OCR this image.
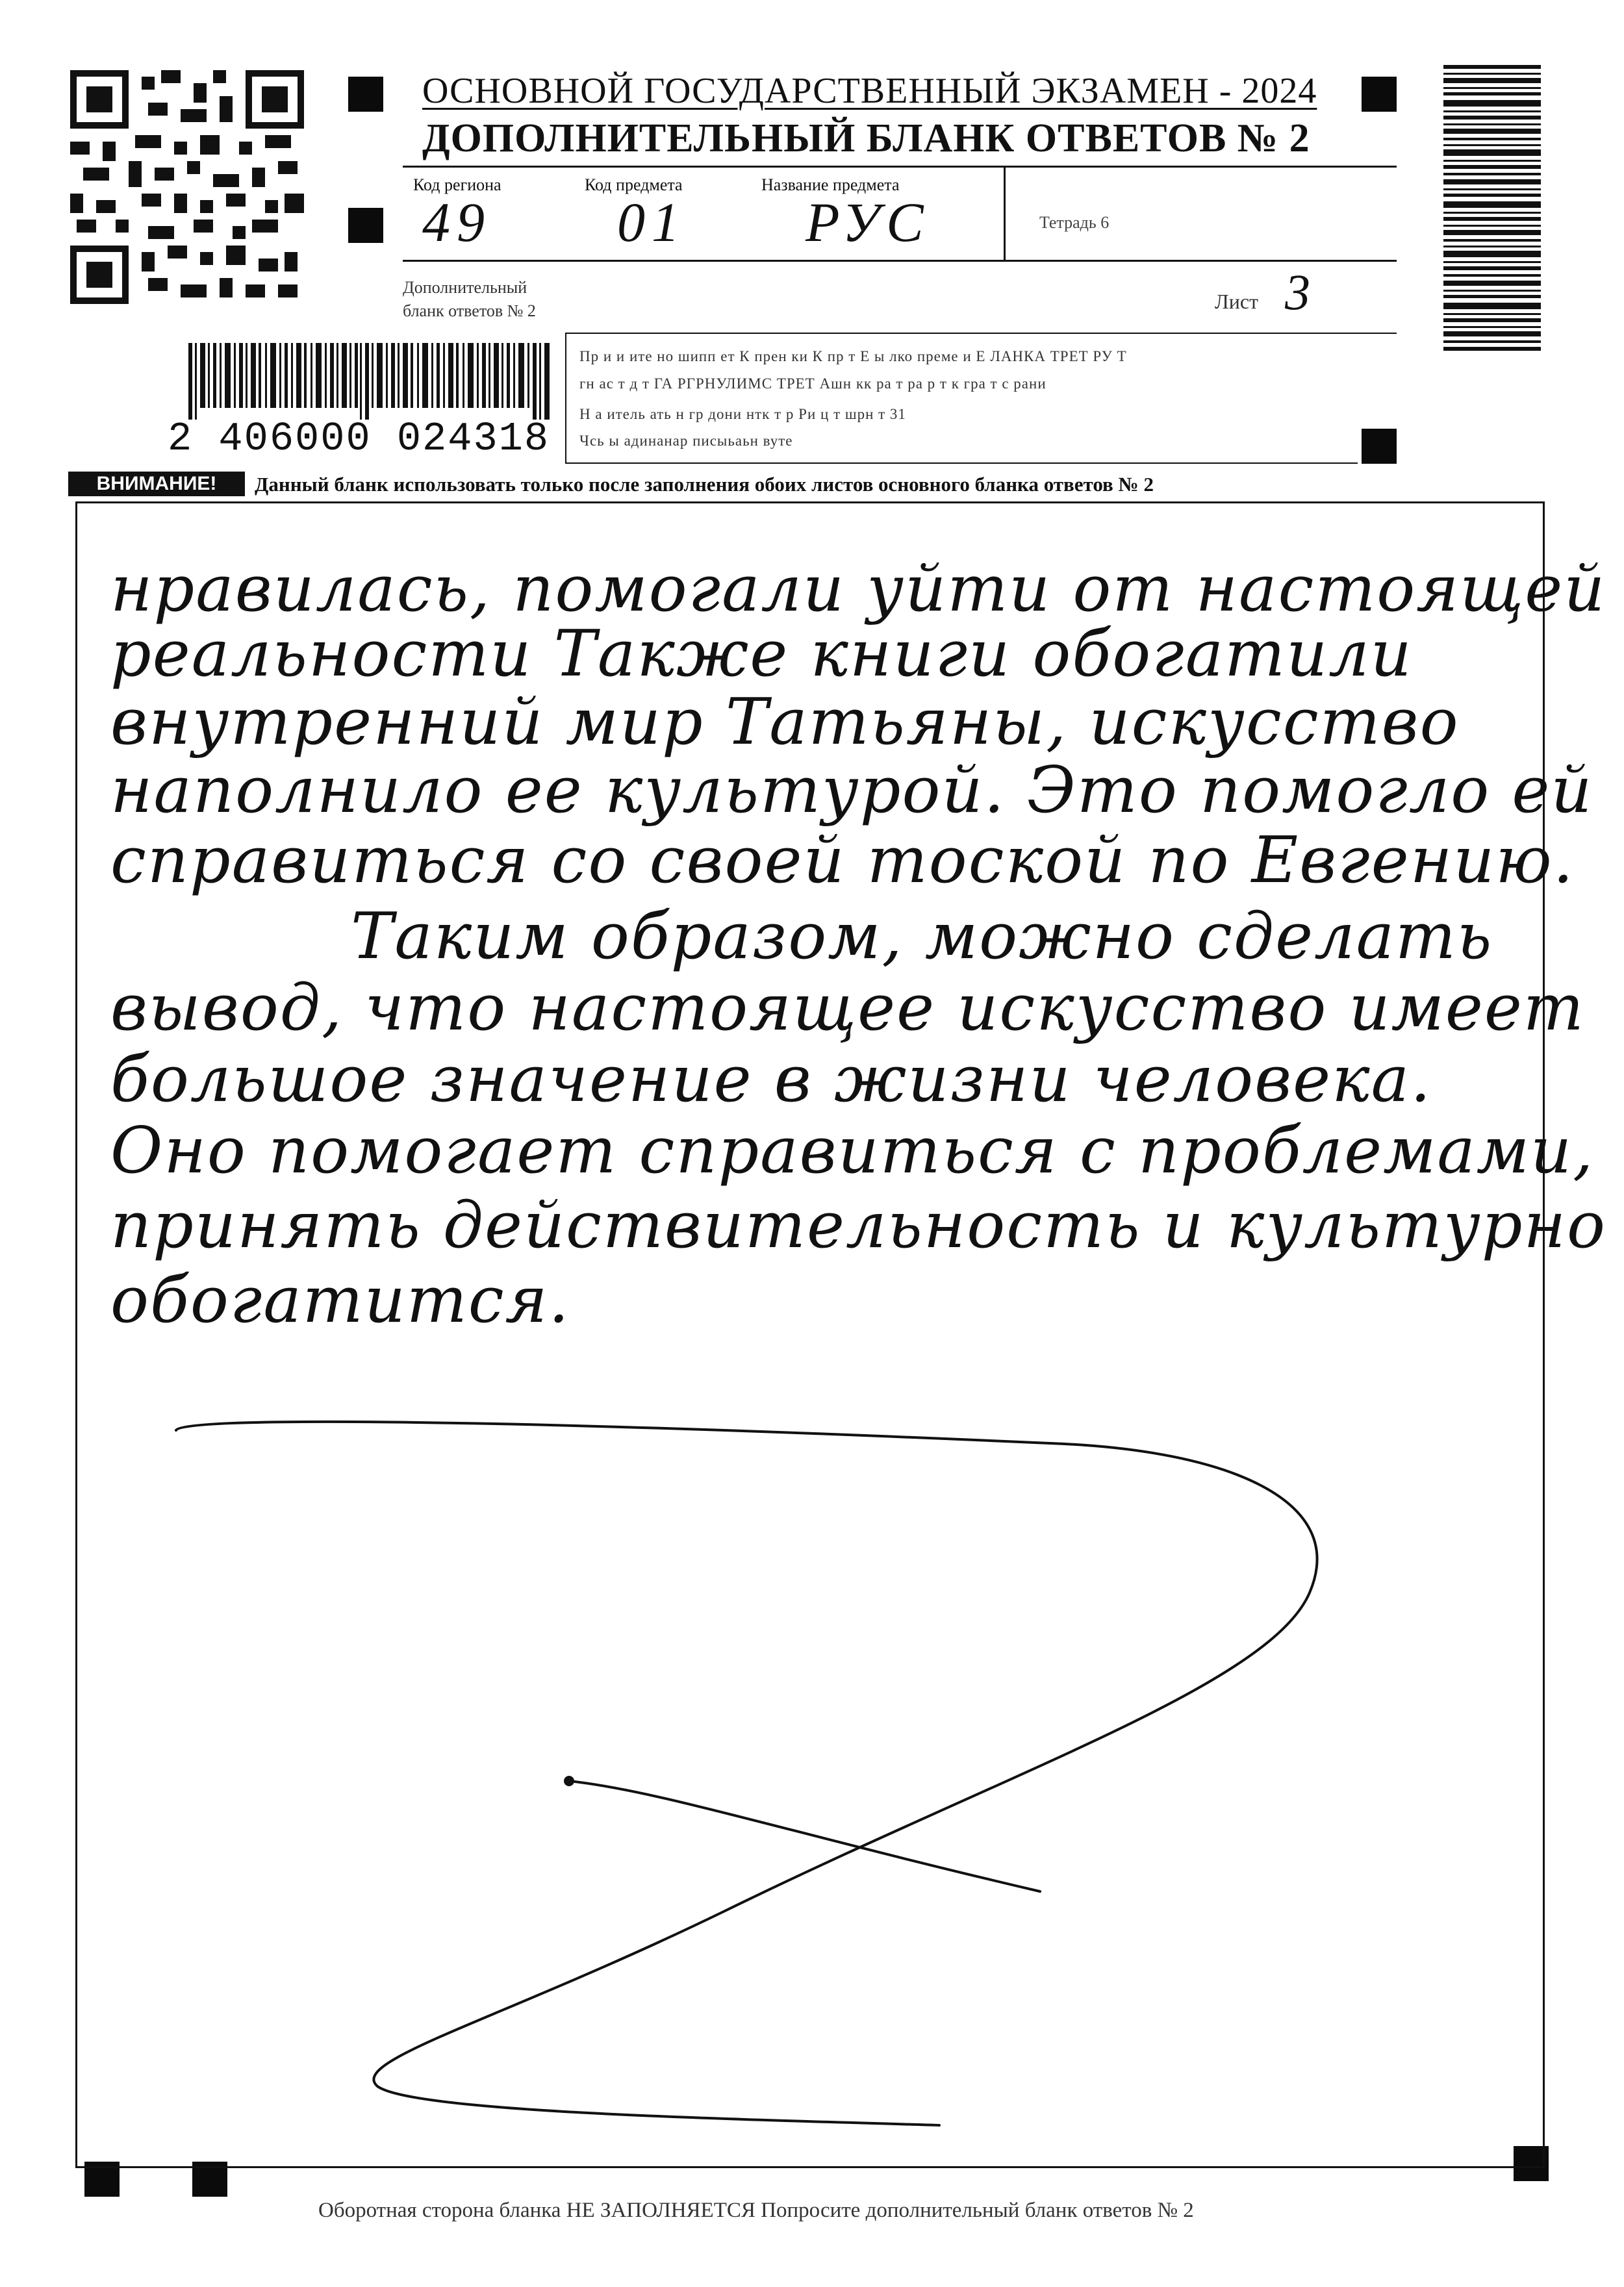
ОСНОВНОЙ ГОСУДАРСТВЕННЫЙ ЭКЗАМЕН - 2024
ДОПОЛНИТЕЛЬНЫЙ БЛАНК ОТВЕТОВ № 2
Код региона	Код предмета	Название предмета
49 01 РУС	Тетрадь 6
Дополнительный
бланк ответов № 2	Лист 3
2 406000 024318
Пр и и ите но шипп ет К прен ки К пр т Е ы лко преме и Е ЛАНКА ТРЕТ РУ Т
гн ас т д т ГА РГРНУЛИМС ТРЕТ Ашн кк ра т ра р т к гра т с рани
Н а итель ать н гр дони нтк т р Ри ц т шрн т 31
Чсь ы адинанар писыьаьн вуте
ВНИМАНИЕ!	Данный бланк использовать только после заполнения обоих листов основного бланка ответов № 2
нравилась, помогали уйти от настоящей
реальности Также книги обогатили
внутренний мир Татьяны, искусство
наполнило ее культурой. Это помогло ей
справиться со своей тоской по Евгению.
Таким образом, можно сделать
вывод, что настоящее искусство имеет
большое значение в жизни человека.
Оно помогает справиться с проблемами,
принять действительность и культурно
обогатится.
Оборотная сторона бланка НЕ ЗАПОЛНЯЕТСЯ Попросите дополнительный бланк ответов № 2
